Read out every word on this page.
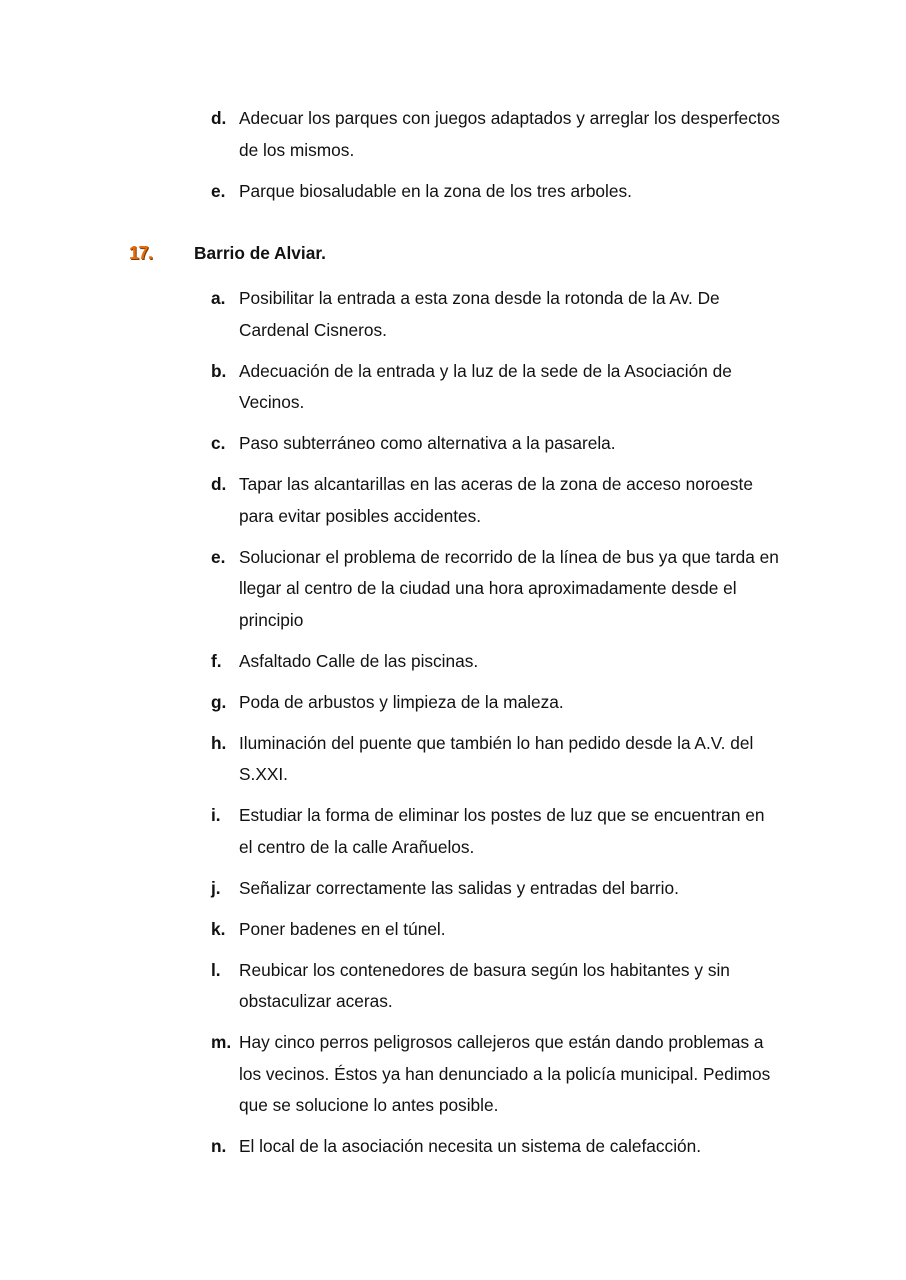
d. Adecuar los parques con juegos adaptados y arreglar los desperfectos de los mismos.
e. Parque biosaludable en la zona de los tres arboles.
17. Barrio de Alviar.
a. Posibilitar la entrada a esta zona desde la rotonda de la Av. De Cardenal Cisneros.
b. Adecuación de la entrada y la luz de la sede de la Asociación de Vecinos.
c. Paso subterráneo como alternativa a la pasarela.
d. Tapar las alcantarillas en las aceras de la zona de acceso noroeste para evitar posibles accidentes.
e. Solucionar el problema de recorrido de la línea de bus ya que tarda en llegar al centro de la ciudad una hora aproximadamente desde el principio
f. Asfaltado Calle de las piscinas.
g. Poda de arbustos y limpieza de la maleza.
h. Iluminación del puente que también lo han pedido desde la A.V. del S.XXI.
i. Estudiar la forma de eliminar los postes de luz que se encuentran en el centro de la calle Arañuelos.
j. Señalizar correctamente las salidas y entradas del barrio.
k. Poner badenes en el túnel.
l. Reubicar los contenedores de basura según los habitantes y sin obstaculizar aceras.
m. Hay cinco perros peligrosos callejeros que están dando problemas a los vecinos. Éstos ya han denunciado a la policía municipal. Pedimos que se solucione lo antes posible.
n. El local de la asociación necesita un sistema de calefacción.
